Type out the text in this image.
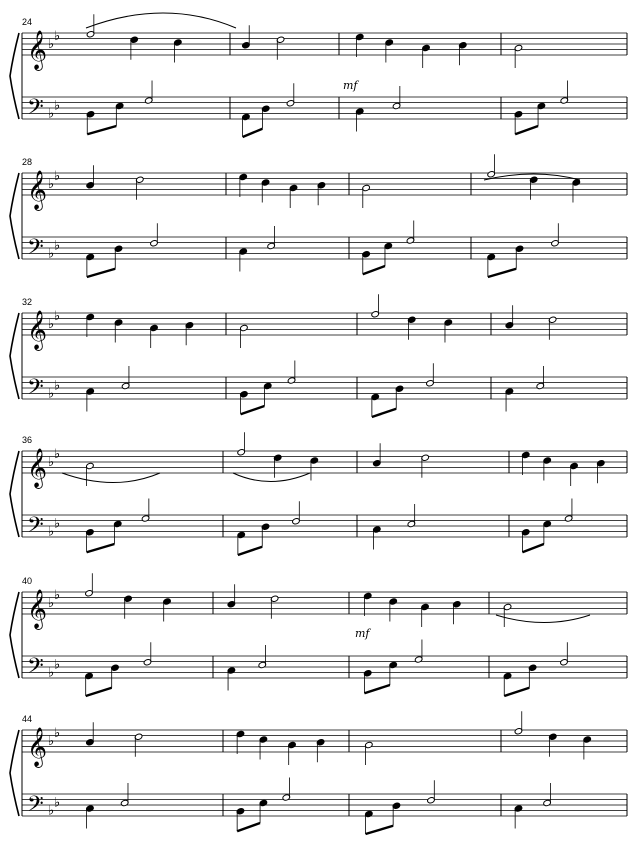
24
𝄞 ♭
♭
𝄢 ♭
♭
28
𝄞 ♭
♭
𝄢 ♭
♭
32
𝄞 ♭
♭
𝄢 ♭
♭
36
𝄞 ♭
♭
𝄢 ♭
♭
40
𝄞 ♭
♭
𝄢 ♭
♭
44
𝄞 ♭
♭
𝄢 ♭
♭
mf
mf
